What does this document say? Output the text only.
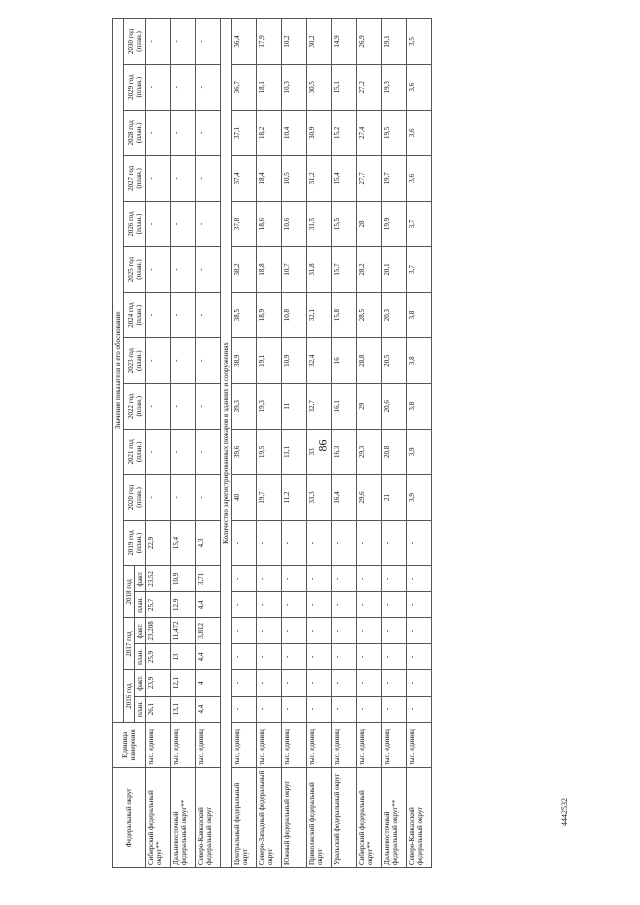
86
4442532
Федеральный округ	Единица измерения	Значение показателя и его обоснование																	
		2016 год		2017 год		2018 год		2019 год (план.)	2020 год (план.)	2021 год (план.)	2022 год (план.)	2023 год (план.)	2024 год (план.)	2025 год (план.)	2026 год (план.)	2027 год (план.)	2028 год (план.)	2029 год (план.)	2030 год (план.)
		план.	факт.	план.	факт.	план.	факт.												
Сибирский федеральный округ**	тыс. единиц	26,1	23,9	25,9	23,208	25,7	23,52	22,9	-	-	-	-	-	-	-	-	-	-	-
Дальневосточный федеральный округ**	тыс. единиц	13,1	12,1	13	11,472	12,9	10,9	15,4	-	-	-	-	-	-	-	-	-	-	-
Северо-Кавказский федеральный округ	тыс. единиц	4,4	4	4,4	3,812	4,4	3,71	4,3	-	-	-	-	-	-	-	-	-	-	-
Количество зарегистрированных пожаров в зданиях и сооружениях																			
Центральный федеральный округ	тыс. единиц	-	-	-	-	-	-	-	40	39,6	39,3	38,9	38,5	38,2	37,8	37,4	37,1	36,7	36,4
Северо-Западный федеральный округ	тыс. единиц	-	-	-	-	-	-	-	19,7	19,5	19,3	19,1	18,9	18,8	18,6	18,4	18,2	18,1	17,9
Южный федеральный округ	тыс. единиц	-	-	-	-	-	-	-	11,2	11,1	11	10,9	10,8	10,7	10,6	10,5	10,4	10,3	10,2
Приволжский федеральный округ	тыс. единиц	-	-	-	-	-	-	-	33,3	33	32,7	32,4	32,1	31,8	31,5	31,2	30,9	30,5	30,2
Уральский федеральный округ	тыс. единиц	-	-	-	-	-	-	-	16,4	16,3	16,1	16	15,8	15,7	15,5	15,4	15,2	15,1	14,9
Сибирский федеральный округ**	тыс. единиц	-	-	-	-	-	-	-	29,6	29,3	29	28,8	28,5	28,2	28	27,7	27,4	27,2	26,9
Дальневосточный федеральный округ**	тыс. единиц	-	-	-	-	-	-	-	21	20,8	20,6	20,5	20,3	20,1	19,9	19,7	19,5	19,3	19,1
Северо-Кавказский федеральный округ	тыс. единиц	-	-	-	-	-	-	-	3,9	3,9	3,8	3,8	3,8	3,7	3,7	3,6	3,6	3,6	3,5
